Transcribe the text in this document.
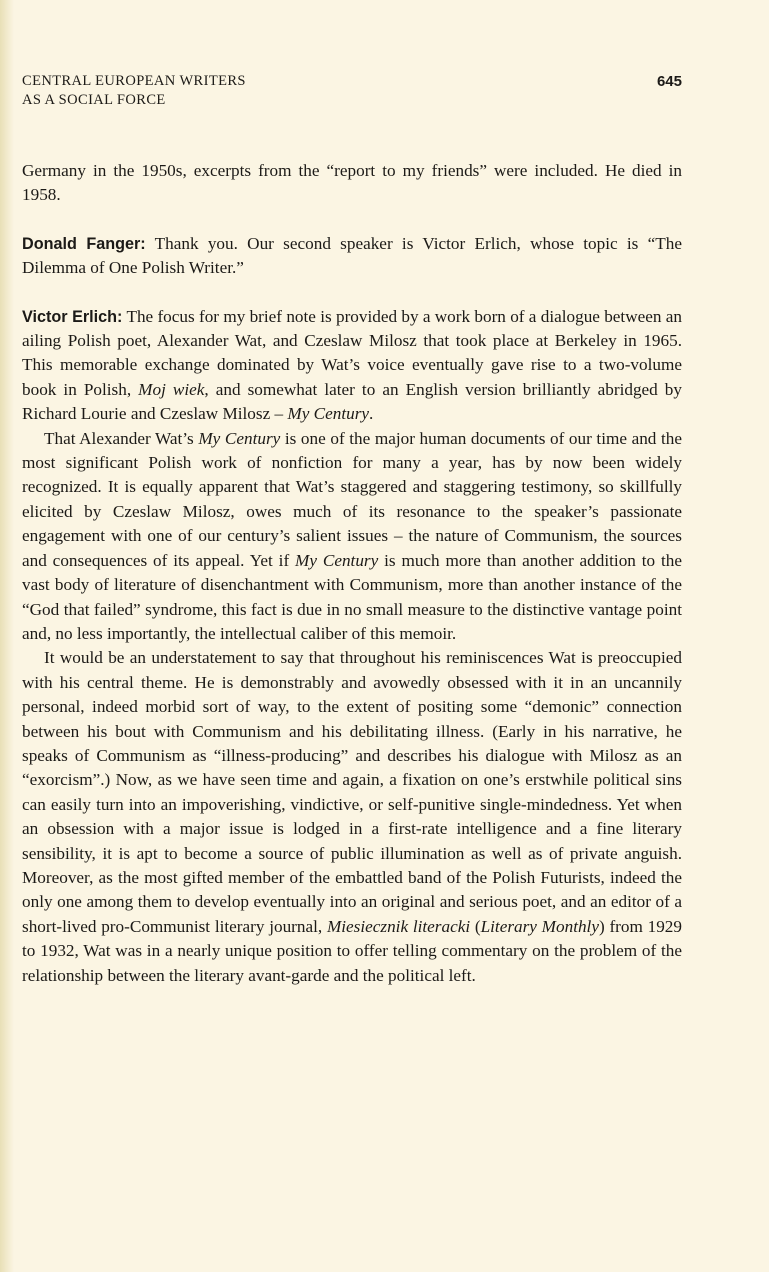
CENTRAL EUROPEAN WRITERS
AS A SOCIAL FORCE
645

Germany in the 1950s, excerpts from the “report to my friends” were included. He died in 1958.

Donald Fanger: Thank you. Our second speaker is Victor Erlich, whose topic is “The Dilemma of One Polish Writer.”

Victor Erlich: The focus for my brief note is provided by a work born of a dialogue between an ailing Polish poet, Alexander Wat, and Czeslaw Milosz that took place at Berkeley in 1965. This memorable exchange dominated by Wat’s voice eventually gave rise to a two-volume book in Polish, Moj wiek, and somewhat later to an English version brilliantly abridged by Richard Lourie and Czeslaw Milosz – My Century.

That Alexander Wat’s My Century is one of the major human documents of our time and the most significant Polish work of nonfiction for many a year, has by now been widely recognized. It is equally apparent that Wat’s staggered and staggering testimony, so skillfully elicited by Czeslaw Milosz, owes much of its resonance to the speaker’s passionate engagement with one of our century’s salient issues – the nature of Communism, the sources and consequences of its appeal. Yet if My Century is much more than another addition to the vast body of literature of disenchantment with Communism, more than another instance of the “God that failed” syndrome, this fact is due in no small measure to the distinctive vantage point and, no less importantly, the intellectual caliber of this memoir.

It would be an understatement to say that throughout his reminiscences Wat is preoccupied with his central theme. He is demonstrably and avowedly obsessed with it in an uncannily personal, indeed morbid sort of way, to the extent of positing some “demonic” connection between his bout with Communism and his debilitating illness. (Early in his narrative, he speaks of Communism as “illness-producing” and describes his dialogue with Milosz as an “exorcism”.) Now, as we have seen time and again, a fixation on one’s erstwhile political sins can easily turn into an impoverishing, vindictive, or self-punitive single-mindedness. Yet when an obsession with a major issue is lodged in a first-rate intelligence and a fine literary sensibility, it is apt to become a source of public illumination as well as of private anguish. Moreover, as the most gifted member of the embattled band of the Polish Futurists, indeed the only one among them to develop eventually into an original and serious poet, and an editor of a short-lived pro-Communist literary journal, Miesiecznik literacki (Literary Monthly) from 1929 to 1932, Wat was in a nearly unique position to offer telling commentary on the problem of the relationship between the literary avant-garde and the political left.
